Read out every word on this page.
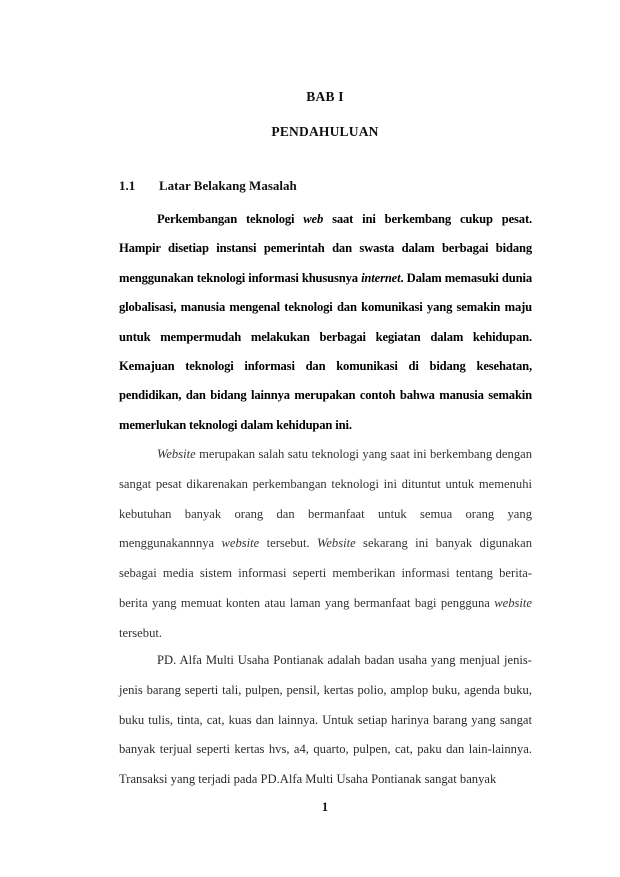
BAB I
PENDAHULUAN
1.1 Latar Belakang Masalah

Perkembangan teknologi web saat ini berkembang cukup pesat. Hampir disetiap instansi pemerintah dan swasta dalam berbagai bidang menggunakan teknologi informasi khususnya internet. Dalam memasuki dunia globalisasi, manusia mengenal teknologi dan komunikasi yang semakin maju untuk mempermudah melakukan berbagai kegiatan dalam kehidupan. Kemajuan teknologi informasi dan komunikasi di bidang kesehatan, pendidikan, dan bidang lainnya merupakan contoh bahwa manusia semakin memerlukan teknologi dalam kehidupan ini.

Website merupakan salah satu teknologi yang saat ini berkembang dengan sangat pesat dikarenakan perkembangan teknologi ini dituntut untuk memenuhi kebutuhan banyak orang dan bermanfaat untuk semua orang yang menggunakannnya website tersebut. Website sekarang ini banyak digunakan sebagai media sistem informasi seperti memberikan informasi tentang berita-berita yang memuat konten atau laman yang bermanfaat bagi pengguna website tersebut.

PD. Alfa Multi Usaha Pontianak adalah badan usaha yang menjual jenis-jenis barang seperti tali, pulpen, pensil, kertas polio, amplop buku, agenda buku, buku tulis, tinta, cat, kuas dan lainnya. Untuk setiap harinya barang yang sangat banyak terjual seperti kertas hvs, a4, quarto, pulpen, cat, paku dan lain-lainnya. Transaksi yang terjadi pada PD.Alfa Multi Usaha Pontianak sangat banyak

1
